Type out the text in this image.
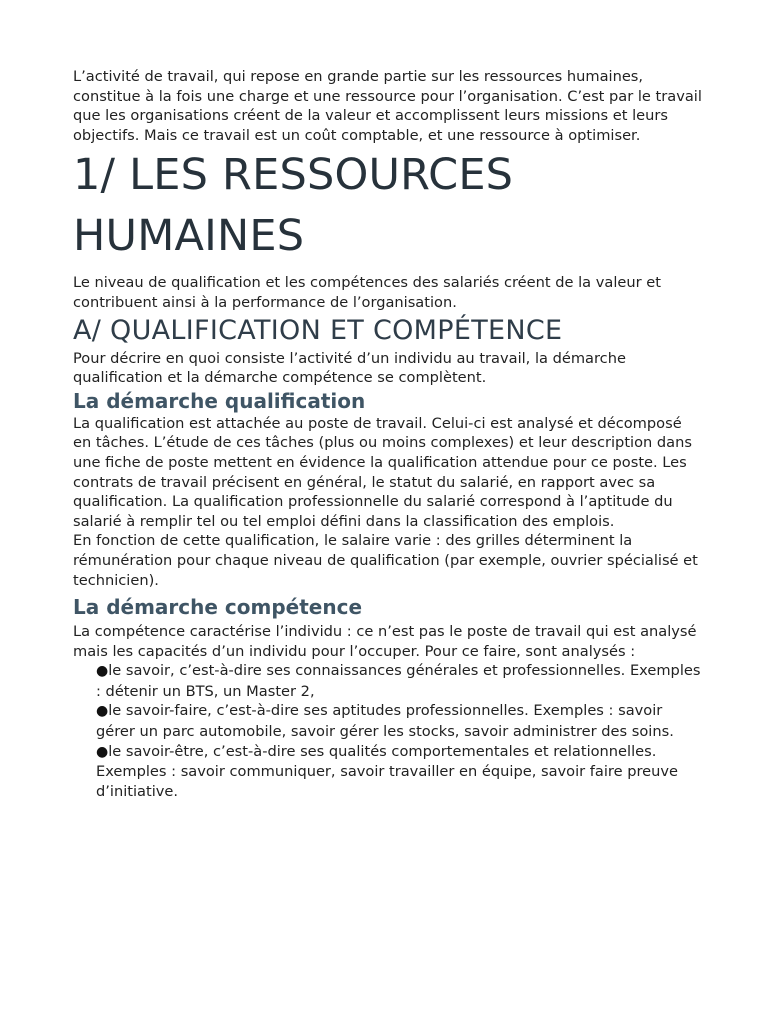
L’activité de travail, qui repose en grande partie sur les ressources humaines, constitue à la fois une charge et une ressource pour l’organisation. C’est par le travail que les organisations créent de la valeur et accomplissent leurs missions et leurs objectifs. Mais ce travail est un coût comptable, et une ressource à optimiser.

1/ LES RESSOURCES HUMAINES

Le niveau de qualification et les compétences des salariés créent de la valeur et contribuent ainsi à la performance de l’organisation.

A/ QUALIFICATION ET COMPÉTENCE

Pour décrire en quoi consiste l’activité d’un individu au travail, la démarche qualification et la démarche compétence se complètent.

La démarche qualification

La qualification est attachée au poste de travail. Celui-ci est analysé et décomposé en tâches. L’étude de ces tâches (plus ou moins complexes) et leur description dans une fiche de poste mettent en évidence la qualification attendue pour ce poste. Les contrats de travail précisent en général, le statut du salarié, en rapport avec sa qualification. La qualification professionnelle du salarié correspond à l’aptitude du salarié à remplir tel ou tel emploi défini dans la classification des emplois.

En fonction de cette qualification, le salaire varie : des grilles déterminent la rémunération pour chaque niveau de qualification (par exemple, ouvrier spécialisé et technicien).

La démarche compétence

La compétence caractérise l’individu : ce n’est pas le poste de travail qui est analysé mais les capacités d’un individu pour l’occuper. Pour ce faire, sont analysés :

●le savoir, c’est-à-dire ses connaissances générales et professionnelles. Exemples : détenir un BTS, un Master 2,
●le savoir-faire, c’est-à-dire ses aptitudes professionnelles. Exemples : savoir gérer un parc automobile, savoir gérer les stocks, savoir administrer des soins.
●le savoir-être, c’est-à-dire ses qualités comportementales et relationnelles. Exemples : savoir communiquer, savoir travailler en équipe, savoir faire preuve d’initiative.
